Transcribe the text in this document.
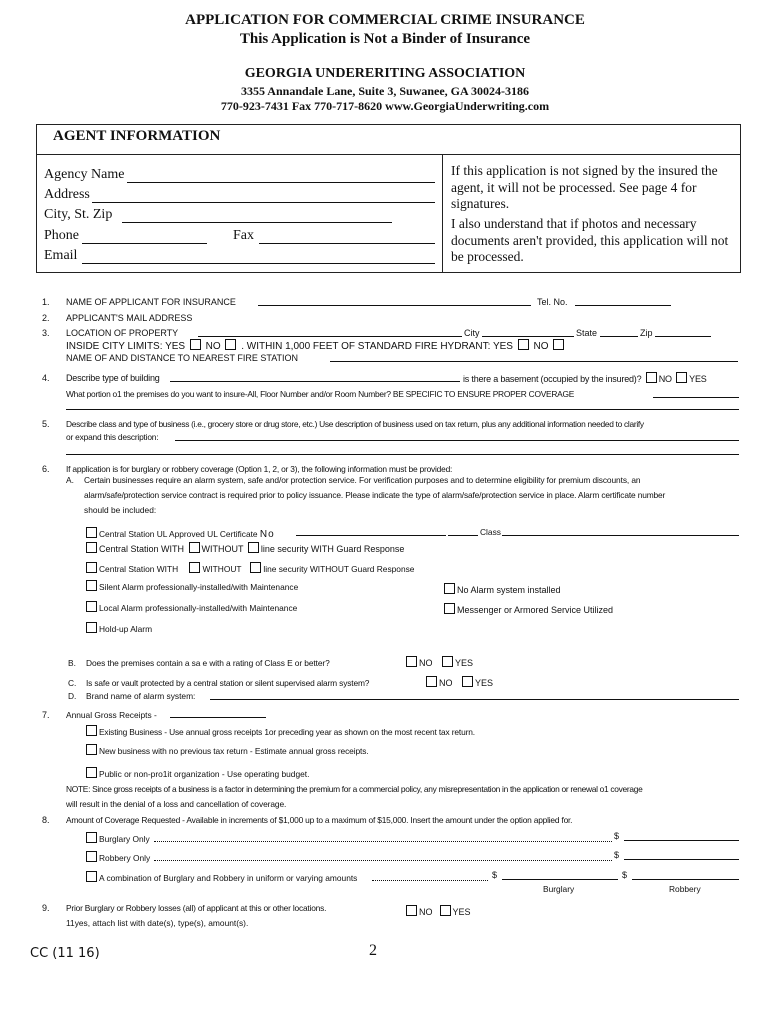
APPLICATION FOR COMMERCIAL CRIME INSURANCE
This Application is Not a Binder of Insurance
GEORGIA UNDERERITING ASSOCIATION
3355 Annandale Lane, Suite 3, Suwanee, GA 30024-3186
770-923-7431 Fax 770-717-8620 www.GeorgiaUnderwriting.com
AGENT INFORMATION
Agency Name
Address
City, St. Zip
Phone	Fax
Email
If this application is not signed by the insured the agent, it will not be processed. See page 4 for signatures.
I also understand that if photos and necessary documents aren't provided, this application will not be processed.
1. NAME OF APPLICANT FOR INSURANCE	Tel. No.
2. APPLICANT'S MAIL ADDRESS
3. LOCATION OF PROPERTY	City	State	Zip
INSIDE CITY LIMITS: YES NO . WITHIN 1,000 FEET OF STANDARD FIRE HYDRANT: YES NO
NAME OF AND DISTANCE TO NEAREST FIRE STATION
4. Describe type of building	is there a basement (occupied by the insured)? NO YES
What portion o1 the premises do you want to insure-All, Floor Number and/or Room Number? BE SPECIFIC TO ENSURE PROPER COVERAGE
5. Describe class and type of business (i.e., grocery store or drug store, etc.) Use description of business used on tax return, plus any additional information needed to clarify
or expand this description:
6. If application is for burglary or robbery coverage (Option 1, 2, or 3), the following information must be provided:
A. Certain businesses require an alarm system, safe and/or protection service. For verification purposes and to determine eligibility for premium discounts, an
alarm/safe/protection service contract is required prior to policy issuance. Please indicate the type of alarm/safe/protection service in place. Alarm certificate number
should be included:
Central Station UL Approved UL Certificate No	Class
Central Station WITH WITHOUT line security WITH Guard Response
Central Station WITH	WITHOUT	line security WITHOUT Guard Response
Silent Alarm professionally-installed/with Maintenance	No Alarm system installed
Local Alarm professionally-installed/with Maintenance	Messenger or Armored Service Utilized
Hold-up Alarm
B. Does the premises contain a sa e with a rating of Class E or better?	NO	YES
C. Is safe or vault protected by a central station or silent supervised alarm system?	NO	YES
D. Brand name of alarm system:
7. Annual Gross Receipts -
Existing Business - Use annual gross receipts 1or preceding year as shown on the most recent tax return.
New business with no previous tax return - Estimate annual gross receipts.
Public or non-pro1it organization - Use operating budget.
NOTE: Since gross receipts of a business is a factor in determining the premium for a commercial policy, any misrepresentation in the application or renewal o1 coverage
will result in the denial of a loss and cancellation of coverage.
8. Amount of Coverage Requested - Available in increments of $1,000 up to a maximum of $15,000. Insert the amount under the option applied for.
Burglary Only	$
Robbery Only	$
A combination of Burglary and Robbery in uniform or varying amounts	$	$
Burglary	Robbery
9. Prior Burglary or Robbery losses (all) of applicant at this or other locations.
11yes, attach list with date(s), type(s), amount(s).
NO YES
CC (11 16)	2
